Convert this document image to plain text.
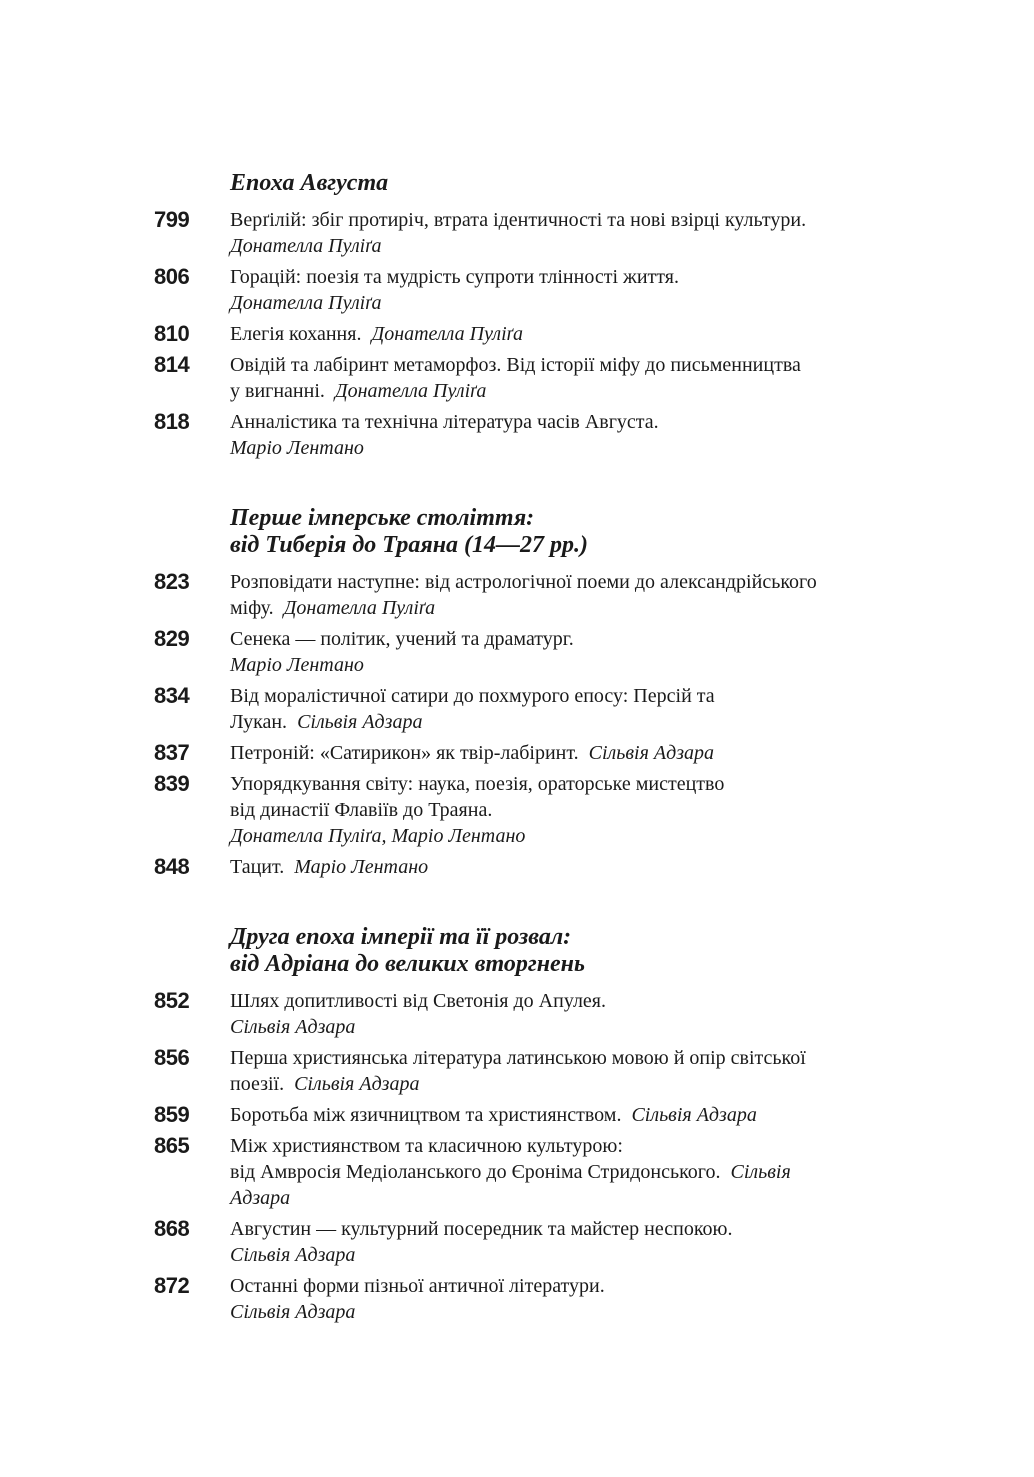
Епоха Августа
799	Верґілій: збіг протиріч, втрата ідентичності та нові взірці культури.
Донателла Пуліґа
806	Горацій: поезія та мудрість супроти тлінності життя.
Донателла Пуліґа
810	Елегія кохання. Донателла Пуліґа
814	Овідій та лабіринт метаморфоз. Від історії міфу до письменництва
у вигнанні. Донателла Пуліґа
818	Анналістика та технічна література часів Августа.
Маріо Лентано
Перше імперське століття:
від Тиберія до Траяна (14—27 рр.)
823	Розповідати наступне: від астрологічної поеми до александрійського
міфу. Донателла Пуліґа
829	Сенека — політик, учений та драматург.
Маріо Лентано
834	Від моралістичної сатири до похмурого епосу: Персій та
Лукан. Сільвія Адзара
837	Петроній: «Сатирикон» як твір-лабіринт. Сільвія Адзара
839	Упорядкування світу: наука, поезія, ораторське мистецтво
від династії Флавіїв до Траяна.
Донателла Пуліґа, Маріо Лентано
848	Тацит. Маріо Лентано
Друга епоха імперії та її розвал:
від Адріана до великих вторгнень
852	Шлях допитливості від Светонія до Апулея.
Сільвія Адзара
856	Перша християнська література латинською мовою й опір світської
поезії. Сільвія Адзара
859	Боротьба між язичництвом та християнством. Сільвія Адзара
865	Між християнством та класичною культурою:
від Амвросія Медіоланського до Єроніма Стридонського. Сільвія
Адзара
868	Августин — культурний посередник та майстер неспокою.
Сільвія Адзара
872	Останні форми пізньої античної літератури.
Сільвія Адзара
